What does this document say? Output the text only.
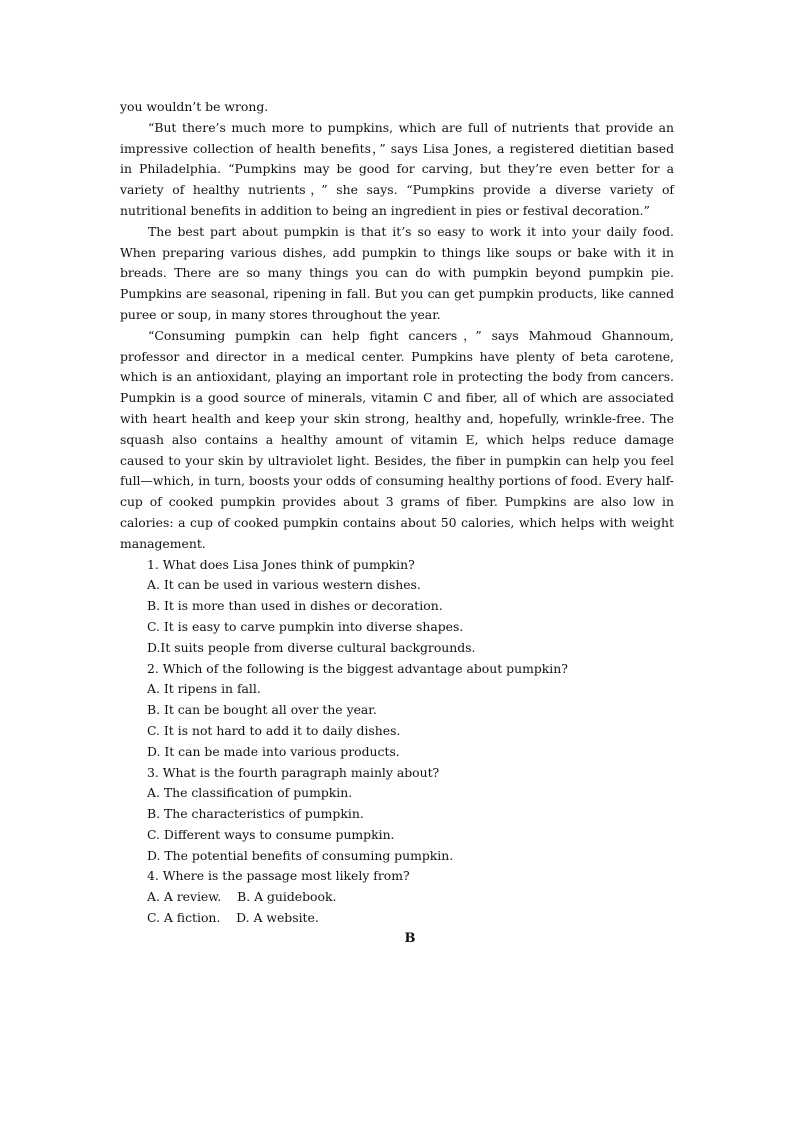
you wouldn’t be wrong.

“But there’s much more to pumpkins, which are full of nutrients that provide an impressive collection of health benefits，” says Lisa Jones, a registered dietitian based in Philadelphia. “Pumpkins may be good for carving, but they’re even better for a variety of healthy nutrients，” she says. “Pumpkins provide a diverse variety of nutritional benefits in addition to being an ingredient in pies or festival decoration.”

The best part about pumpkin is that it’s so easy to work it into your daily food. When preparing various dishes, add pumpkin to things like soups or bake with it in breads. There are so many things you can do with pumpkin beyond pumpkin pie. Pumpkins are seasonal, ripening in fall. But you can get pumpkin products, like canned puree or soup, in many stores throughout the year.

“Consuming pumpkin can help fight cancers，” says Mahmoud Ghannoum, professor and director in a medical center. Pumpkins have plenty of beta carotene, which is an antioxidant, playing an important role in protecting the body from cancers. Pumpkin is a good source of minerals, vitamin C and fiber, all of which are associated with heart health and keep your skin strong, healthy and, hopefully, wrinkle-free. The squash also contains a healthy amount of vitamin E, which helps reduce damage caused to your skin by ultraviolet light. Besides, the fiber in pumpkin can help you feel full—which, in turn, boosts your odds of consuming healthy portions of food. Every half-cup of cooked pumpkin provides about 3 grams of fiber. Pumpkins are also low in calories: a cup of cooked pumpkin contains about 50 calories, which helps with weight management.

1. What does Lisa Jones think of pumpkin?

A. It can be used in various western dishes.

B. It is more than used in dishes or decoration.

C. It is easy to carve pumpkin into diverse shapes.

D.It suits people from diverse cultural backgrounds.

2. Which of the following is the biggest advantage about pumpkin?

A. It ripens in fall.

B. It can be bought all over the year.

C. It is not hard to add it to daily dishes.

D. It can be made into various products.

3. What is the fourth paragraph mainly about?

A. The classification of pumpkin.

B. The characteristics of pumpkin.

C. Different ways to consume pumpkin.

D. The potential benefits of consuming pumpkin.

4. Where is the passage most likely from?

A. A review.    B. A guidebook.

C. A fiction.    D. A website.

B
